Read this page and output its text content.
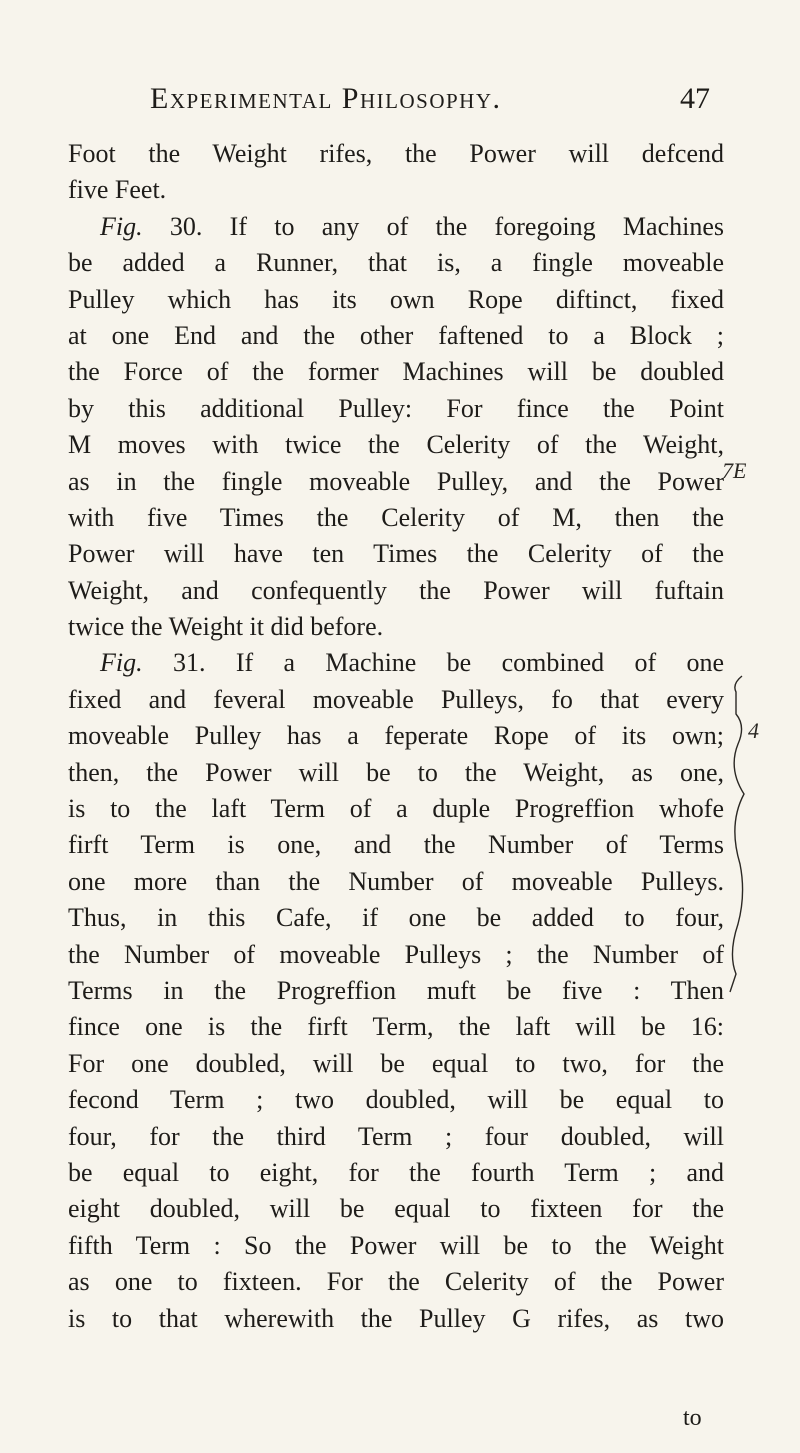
Experimental Philosophy.	47
Foot the Weight rifes, the Power will defcend
five Feet.
Fig. 30. If to any of the foregoing Machines
be added a Runner, that is, a fingle moveable
Pulley which has its own Rope diftinct, fixed
at one End and the other faftened to a Block ;
the Force of the former Machines will be doubled
by this additional Pulley: For fince the Point
M moves with twice the Celerity of the Weight,
as in the fingle moveable Pulley, and the Power
with five Times the Celerity of M, then the
Power will have ten Times the Celerity of the
Weight, and confequently the Power will fuftain
twice the Weight it did before.
Fig. 31. If a Machine be combined of one
fixed and feveral moveable Pulleys, fo that every
moveable Pulley has a feperate Rope of its own;
then, the Power will be to the Weight, as one,
is to the laft Term of a duple Progreffion whofe
firft Term is one, and the Number of Terms
one more than the Number of moveable Pulleys.
Thus, in this Cafe, if one be added to four,
the Number of moveable Pulleys ; the Number of
Terms in the Progreffion muft be five : Then
fince one is the firft Term, the laft will be 16:
For one doubled, will be equal to two, for the
fecond Term ; two doubled, will be equal to
four, for the third Term ; four doubled, will
be equal to eight, for the fourth Term ; and
eight doubled, will be equal to fixteen for the
fifth Term : So the Power will be to the Weight
as one to fixteen. For the Celerity of the Power
is to that wherewith the Pulley G rifes, as two
7E
4
to
